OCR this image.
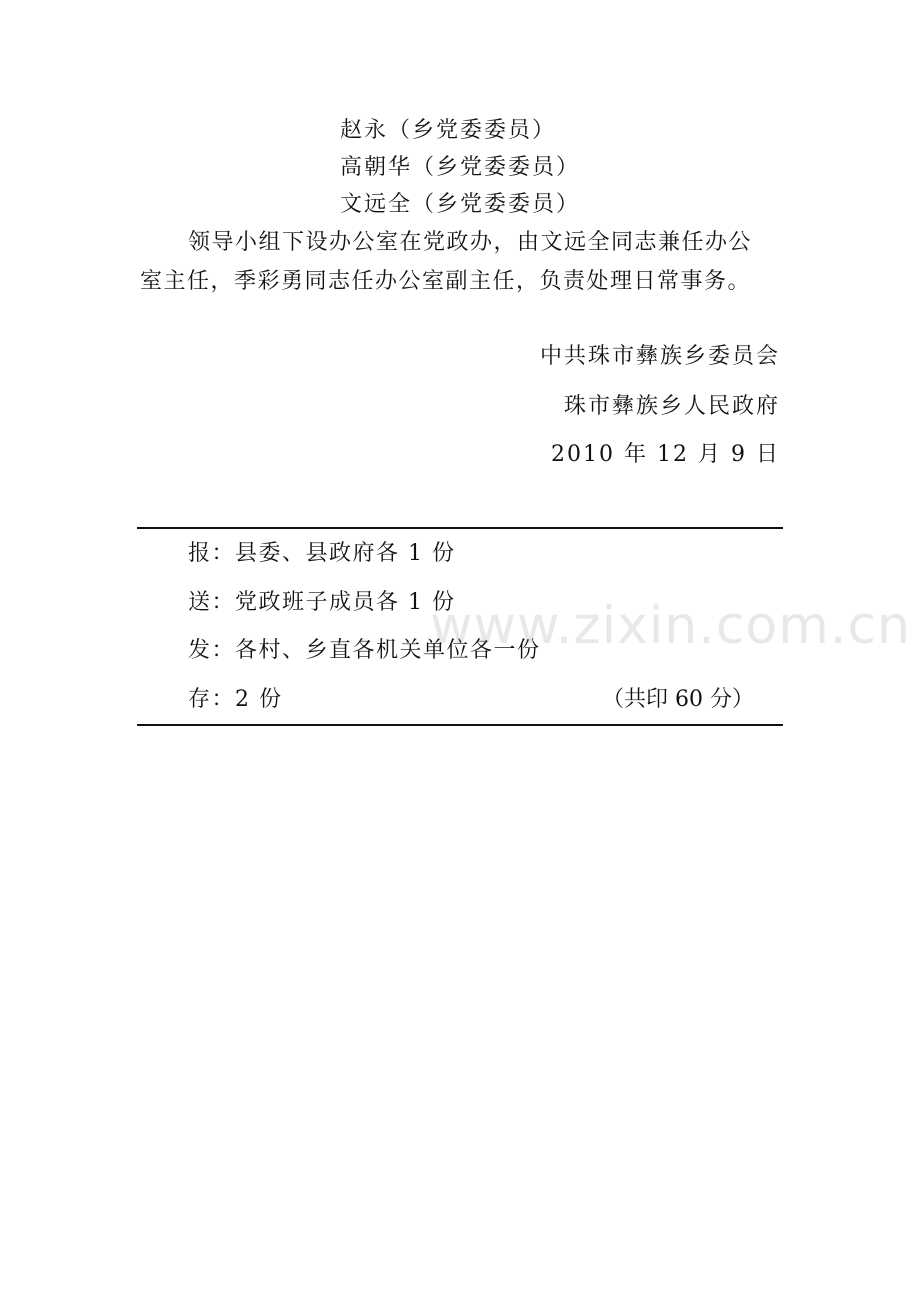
赵永（乡党委委员）
高朝华（乡党委委员）
文远全（乡党委委员）
领导小组下设办公室在党政办，由文远全同志兼任办公
室主任，季彩勇同志任办公室副主任，负责处理日常事务。
中共珠市彝族乡委员会
珠市彝族乡人民政府
2010 年 12 月 9 日
报：县委、县政府各 1 份
送：党政班子成员各 1 份
发：各村、乡直各机关单位各一份
存：2 份	（共印 60 分）
www.zixin.com.cn
